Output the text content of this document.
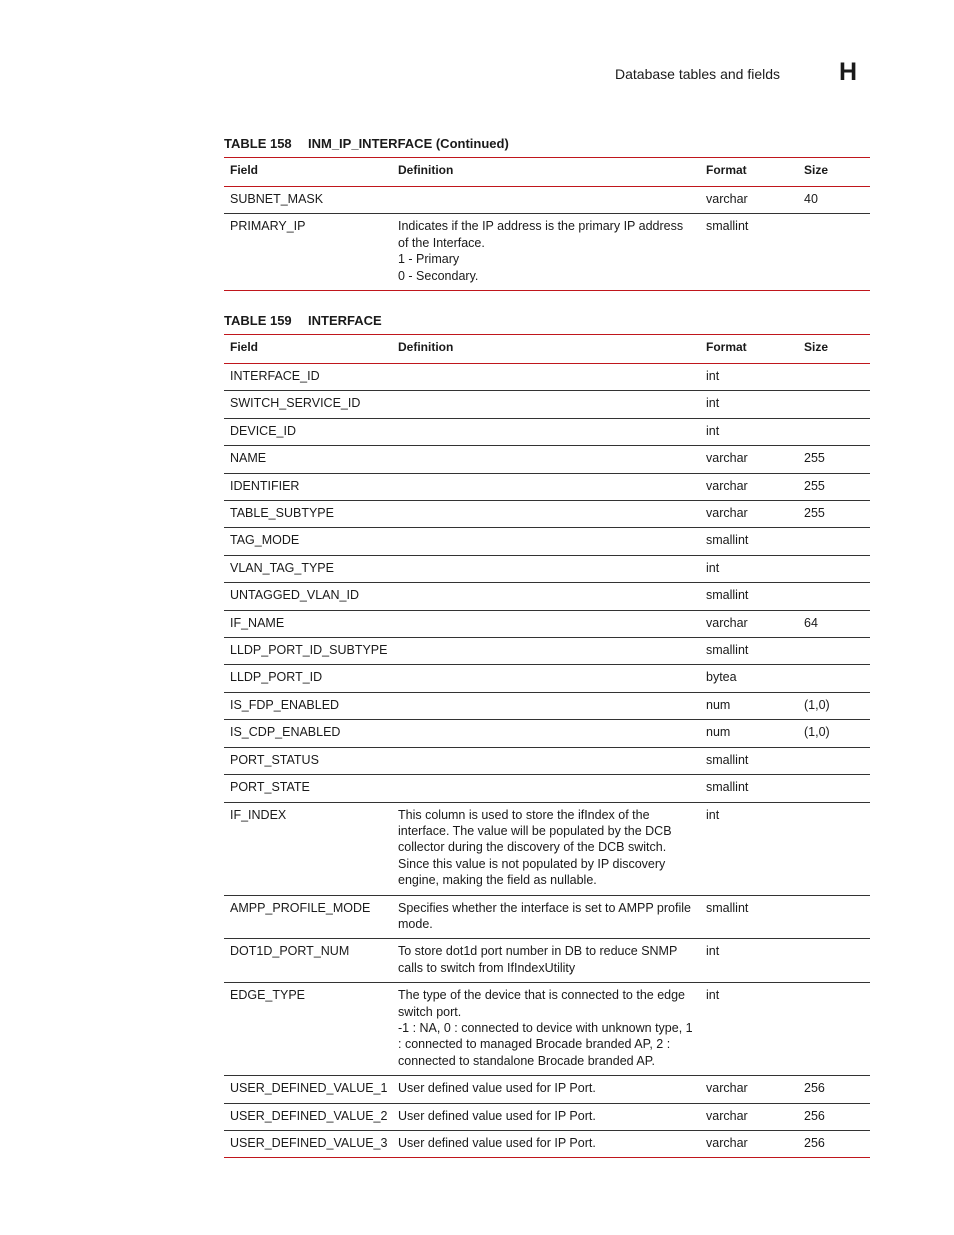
Database tables and fields H
TABLE 158 INM_IP_INTERFACE (Continued)
Field	Definition	Format	Size
SUBNET_MASK		varchar	40
PRIMARY_IP	Indicates if the IP address is the primary IP address of the Interface.
1 - Primary
0 - Secondary.	smallint	
TABLE 159 INTERFACE
Field	Definition	Format	Size
INTERFACE_ID		int	
SWITCH_SERVICE_ID		int	
DEVICE_ID		int	
NAME		varchar	255
IDENTIFIER		varchar	255
TABLE_SUBTYPE		varchar	255
TAG_MODE		smallint	
VLAN_TAG_TYPE		int	
UNTAGGED_VLAN_ID		smallint	
IF_NAME		varchar	64
LLDP_PORT_ID_SUBTYPE		smallint	
LLDP_PORT_ID		bytea	
IS_FDP_ENABLED		num	(1,0)
IS_CDP_ENABLED		num	(1,0)
PORT_STATUS		smallint	
PORT_STATE		smallint	
IF_INDEX	This column is used to store the ifIndex of the interface. The value will be populated by the DCB collector during the discovery of the DCB switch. Since this value is not populated by IP discovery engine, making the field as nullable.	int	
AMPP_PROFILE_MODE	Specifies whether the interface is set to AMPP profile mode.	smallint	
DOT1D_PORT_NUM	To store dot1d port number in DB to reduce SNMP calls to switch from IfIndexUtility	int	
EDGE_TYPE	The type of the device that is connected to the edge switch port.
-1 : NA, 0 : connected to device with unknown type, 1 : connected to managed Brocade branded AP, 2 : connected to standalone Brocade branded AP.	int	
USER_DEFINED_VALUE_1	User defined value used for IP Port.	varchar	256
USER_DEFINED_VALUE_2	User defined value used for IP Port.	varchar	256
USER_DEFINED_VALUE_3	User defined value used for IP Port.	varchar	256
